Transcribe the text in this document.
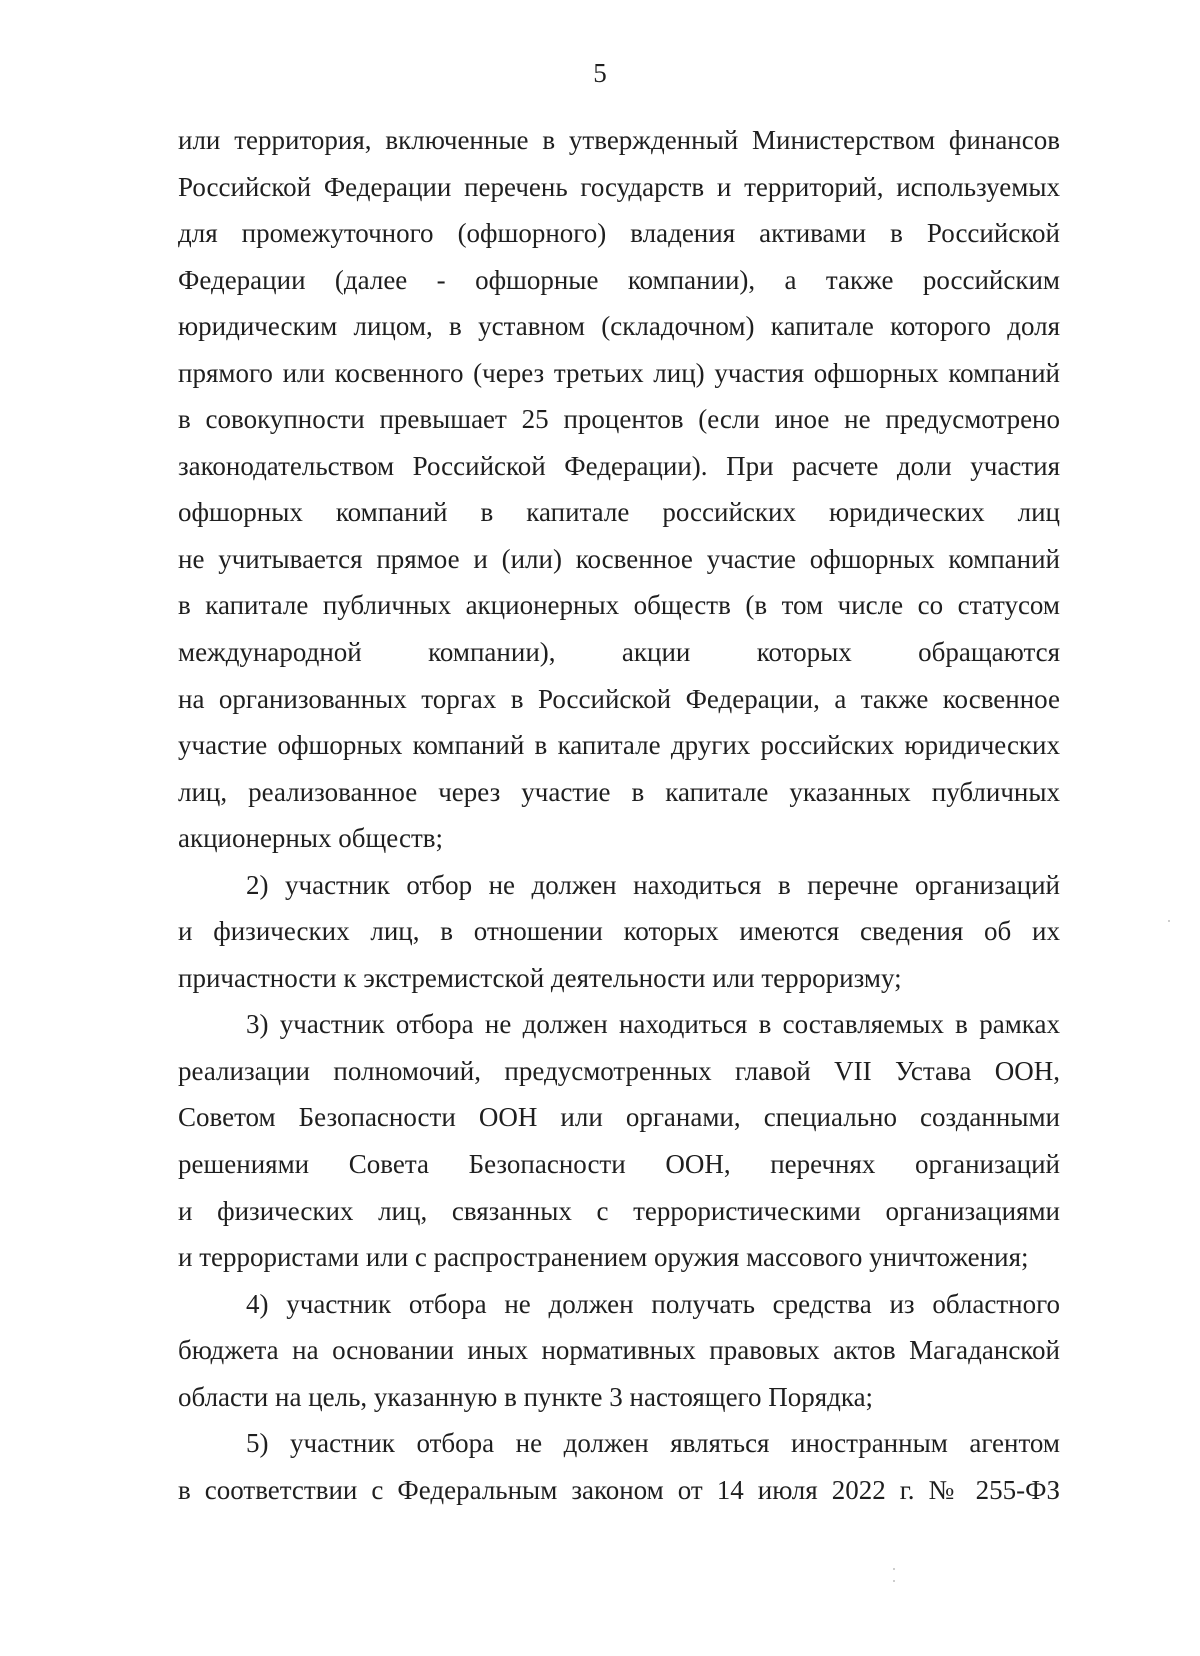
5
или территория, включенные в утвержденный Министерством финансов
Российской Федерации перечень государств и территорий, используемых
для промежуточного (офшорного) владения активами в Российской
Федерации (далее - офшорные компании), а также российским
юридическим лицом, в уставном (складочном) капитале которого доля
прямого или косвенного (через третьих лиц) участия офшорных компаний
в совокупности превышает 25 процентов (если иное не предусмотрено
законодательством Российской Федерации). При расчете доли участия
офшорных компаний в капитале российских юридических лиц
не учитывается прямое и (или) косвенное участие офшорных компаний
в капитале публичных акционерных обществ (в том числе со статусом
международной компании), акции которых обращаются
на организованных торгах в Российской Федерации, а также косвенное
участие офшорных компаний в капитале других российских юридических
лиц, реализованное через участие в капитале указанных публичных
акционерных обществ;
2) участник отбор не должен находиться в перечне организаций
и физических лиц, в отношении которых имеются сведения об их
причастности к экстремистской деятельности или терроризму;
3) участник отбора не должен находиться в составляемых в рамках
реализации полномочий, предусмотренных главой VII Устава ООН,
Советом Безопасности ООН или органами, специально созданными
решениями Совета Безопасности ООН, перечнях организаций
и физических лиц, связанных с террористическими организациями
и террористами или с распространением оружия массового уничтожения;
4) участник отбора не должен получать средства из областного
бюджета на основании иных нормативных правовых актов Магаданской
области на цель, указанную в пункте 3 настоящего Порядка;
5) участник отбора не должен являться иностранным агентом
в соответствии с Федеральным законом от 14 июля 2022 г. № 255-ФЗ
